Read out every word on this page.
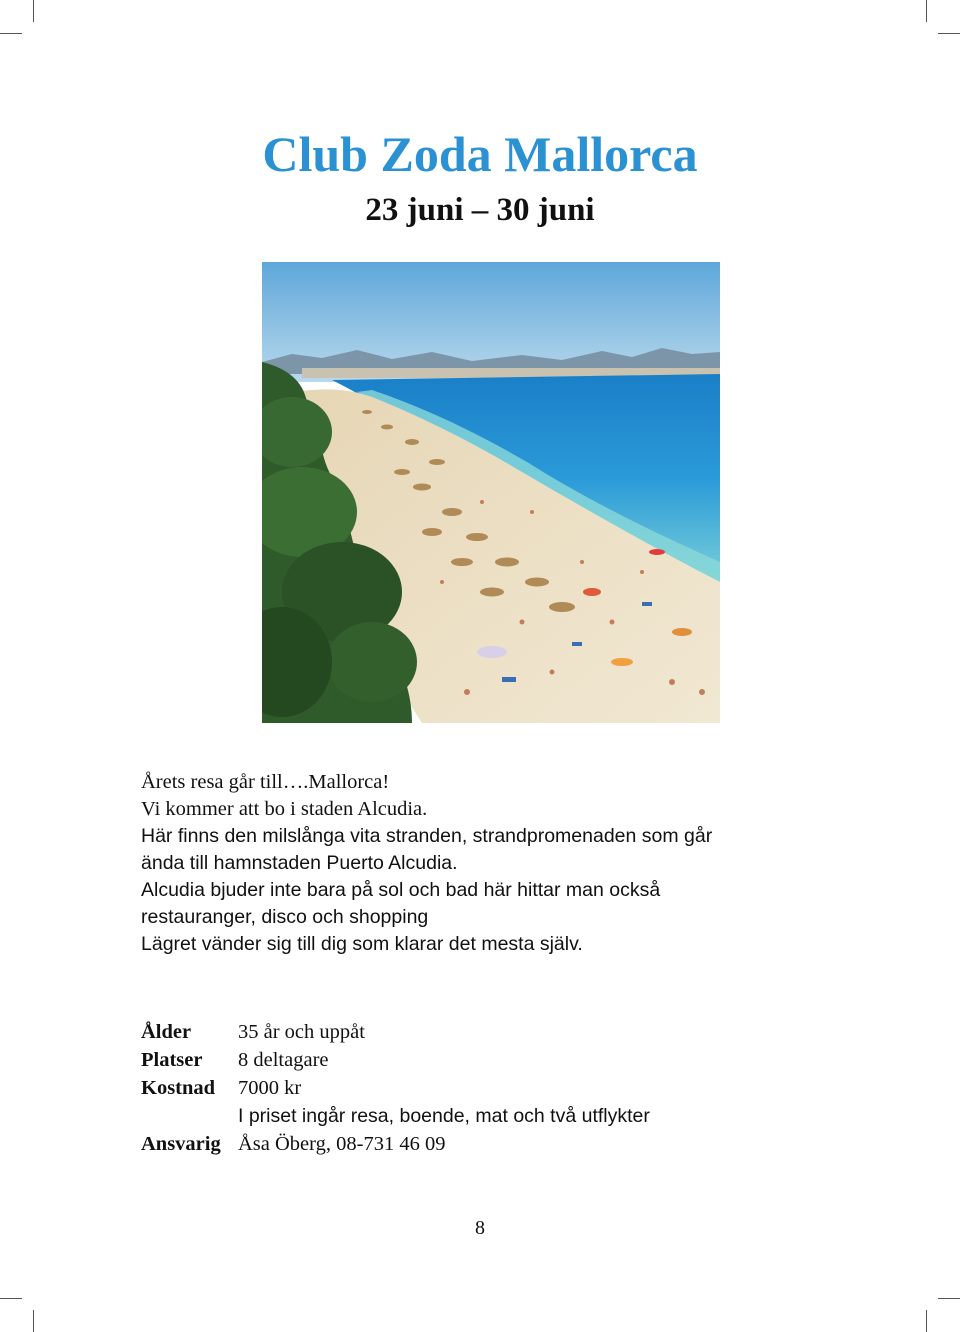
Club Zoda Mallorca
23 juni – 30 juni

Årets resa går till….Mallorca!

Vi kommer att bo i staden Alcudia.

Här finns den milslånga vita stranden, strandpromenaden som går

ända till hamnstaden Puerto Alcudia.

Alcudia bjuder inte bara på sol och bad här hittar man också

restauranger, disco och shopping

Lägret vänder sig till dig som klarar det mesta själv.

Ålder	35 år och uppåt
Platser	8 deltagare
Kostnad	7000 kr
I priset ingår resa, boende, mat och två utflykter
Ansvarig Åsa Öberg, 08-731 46 09
8
